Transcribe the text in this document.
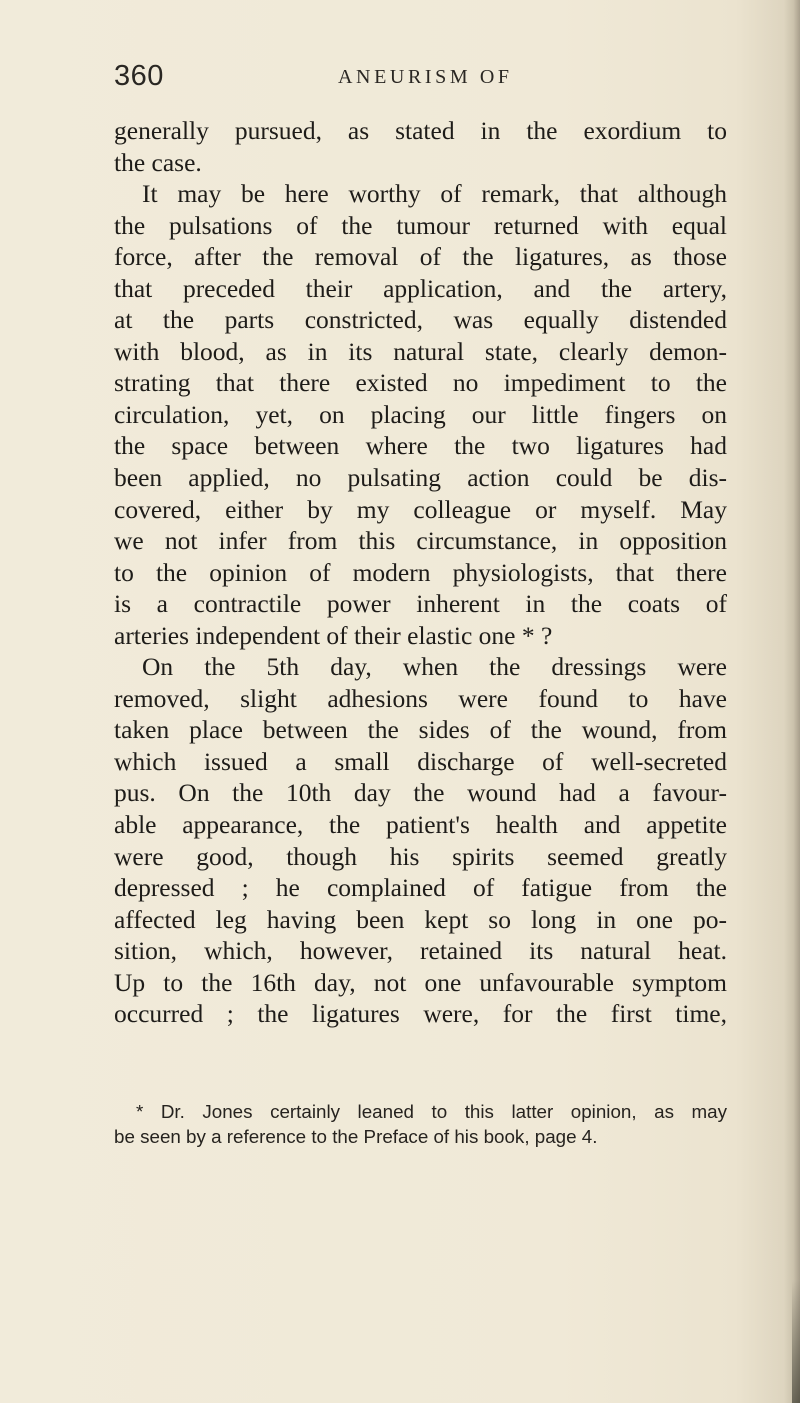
360	ANEURISM OF
generally pursued, as stated in the exordium to
the case.
It may be here worthy of remark, that although
the pulsations of the tumour returned with equal
force, after the removal of the ligatures, as those
that preceded their application, and the artery,
at the parts constricted, was equally distended
with blood, as in its natural state, clearly demon-
strating that there existed no impediment to the
circulation, yet, on placing our little fingers on
the space between where the two ligatures had
been applied, no pulsating action could be dis-
covered, either by my colleague or myself. May
we not infer from this circumstance, in opposition
to the opinion of modern physiologists, that there
is a contractile power inherent in the coats of
arteries independent of their elastic one * ?
On the 5th day, when the dressings were
removed, slight adhesions were found to have
taken place between the sides of the wound, from
which issued a small discharge of well-secreted
pus. On the 10th day the wound had a favour-
able appearance, the patient's health and appetite
were good, though his spirits seemed greatly
depressed ; he complained of fatigue from the
affected leg having been kept so long in one po-
sition, which, however, retained its natural heat.
Up to the 16th day, not one unfavourable symptom
occurred ; the ligatures were, for the first time,
* Dr. Jones certainly leaned to this latter opinion, as may
be seen by a reference to the Preface of his book, page 4.
